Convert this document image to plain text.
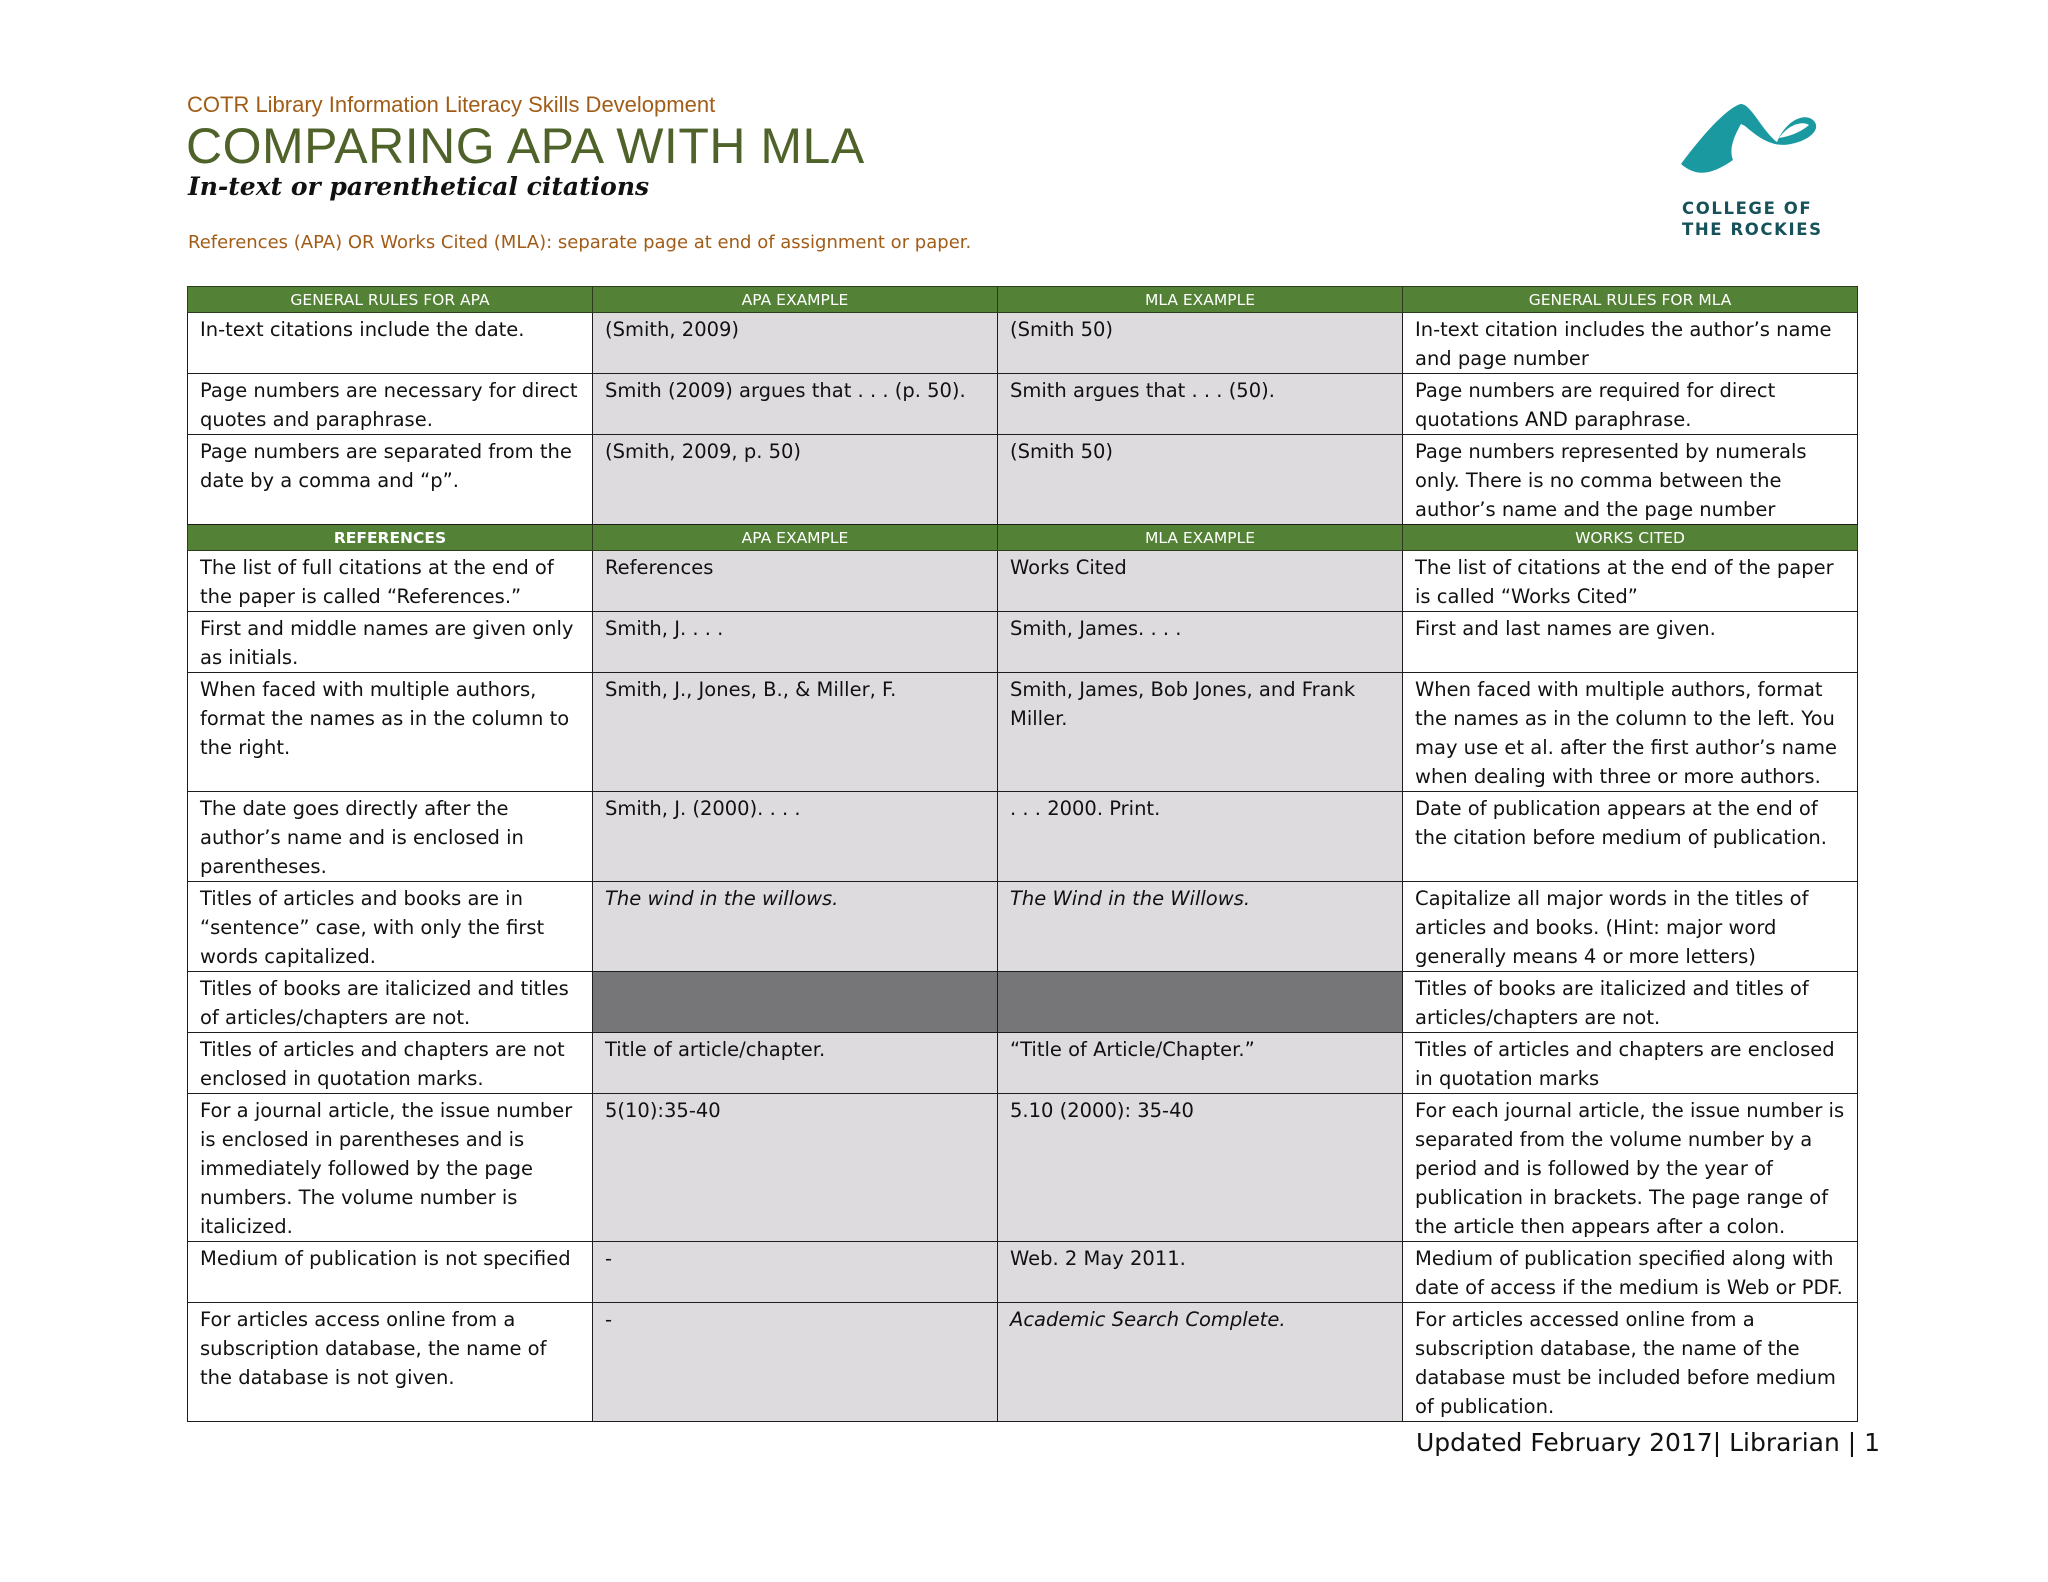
COTR Library Information Literacy Skills Development
COMPARING APA WITH MLA
In-text or parenthetical citations
References (APA) OR Works Cited (MLA): separate page at end of assignment or paper.
COLLEGE OF
THE ROCKIES
GENERAL RULES FOR APA	APA EXAMPLE	MLA EXAMPLE	GENERAL RULES FOR MLA
In-text citations include the date.	(Smith, 2009)	(Smith 50)	In-text citation includes the author’s name and page number
Page numbers are necessary for direct quotes and paraphrase.	Smith (2009) argues that . . . (p. 50).	Smith argues that . . . (50).	Page numbers are required for direct quotations AND paraphrase.
Page numbers are separated from the date by a comma and “p”.	(Smith, 2009, p. 50)	(Smith 50)	Page numbers represented by numerals only. There is no comma between the author’s name and the page number
REFERENCES	APA EXAMPLE	MLA EXAMPLE	WORKS CITED
The list of full citations at the end of the paper is called “References.”	References	Works Cited	The list of citations at the end of the paper is called “Works Cited”
First and middle names are given only as initials.	Smith, J. . . .	Smith, James. . . .	First and last names are given.
When faced with multiple authors, format the names as in the column to the right.	Smith, J., Jones, B., & Miller, F.	Smith, James, Bob Jones, and Frank Miller.	When faced with multiple authors, format the names as in the column to the left. You may use et al. after the first author’s name when dealing with three or more authors.
The date goes directly after the author’s name and is enclosed in parentheses.	Smith, J. (2000). . . .	. . . 2000. Print.	Date of publication appears at the end of the citation before medium of publication.
Titles of articles and books are in “sentence” case, with only the first words capitalized.	The wind in the willows.	The Wind in the Willows.	Capitalize all major words in the titles of articles and books. (Hint: major word generally means 4 or more letters)
Titles of books are italicized and titles of articles/chapters are not.			Titles of books are italicized and titles of articles/chapters are not.
Titles of articles and chapters are not enclosed in quotation marks.	Title of article/chapter.	“Title of Article/Chapter.”	Titles of articles and chapters are enclosed in quotation marks
For a journal article, the issue number is enclosed in parentheses and is immediately followed by the page numbers. The volume number is italicized.	5(10):35-40	5.10 (2000): 35-40	For each journal article, the issue number is separated from the volume number by a period and is followed by the year of publication in brackets. The page range of the article then appears after a colon.
Medium of publication is not specified	-	Web. 2 May 2011.	Medium of publication specified along with date of access if the medium is Web or PDF.
For articles access online from a subscription database, the name of the database is not given.	-	Academic Search Complete.	For articles accessed online from a subscription database, the name of the database must be included before medium of publication.
Updated February 2017| Librarian | 1
